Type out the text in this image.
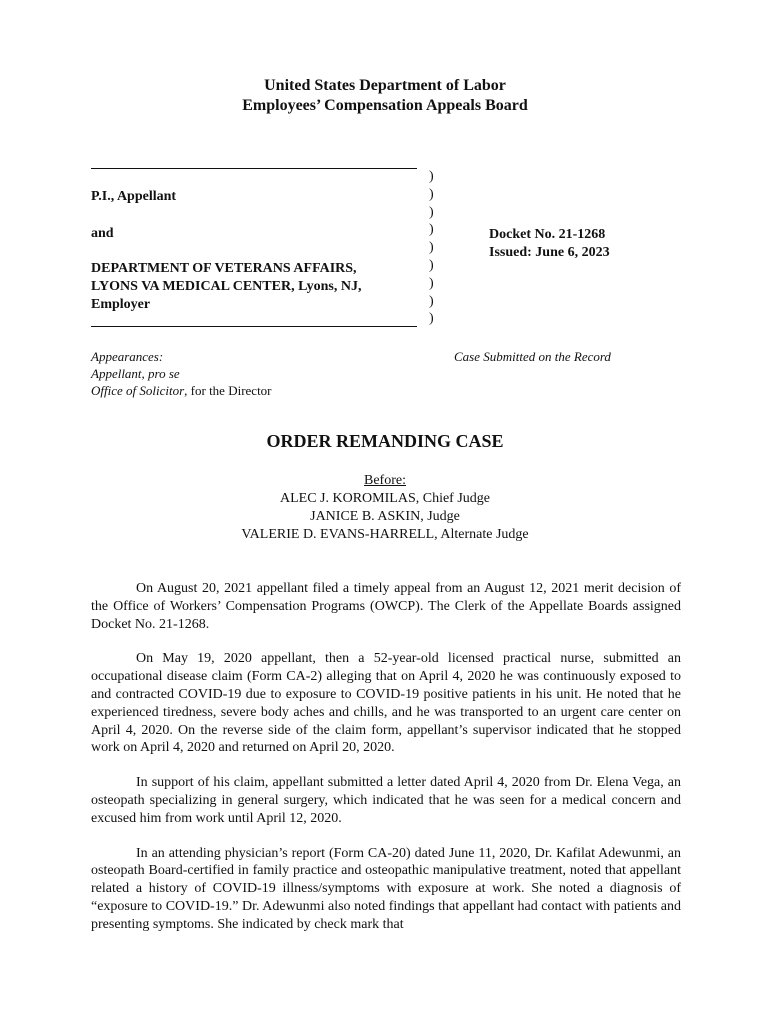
United States Department of Labor
Employees’ Compensation Appeals Board
P.I., Appellant
and
DEPARTMENT OF VETERANS AFFAIRS,
LYONS VA MEDICAL CENTER, Lyons, NJ,
Employer
)
)
)
)
)
)
)
)
)
Docket No. 21-1268
Issued: June 6, 2023
Appearances:
Appellant, pro se
Office of Solicitor, for the Director
Case Submitted on the Record
ORDER REMANDING CASE
Before:
ALEC J. KOROMILAS, Chief Judge
JANICE B. ASKIN, Judge
VALERIE D. EVANS-HARRELL, Alternate Judge

On August 20, 2021 appellant filed a timely appeal from an August 12, 2021 merit decision of the Office of Workers’ Compensation Programs (OWCP). The Clerk of the Appellate Boards assigned Docket No. 21-1268.

On May 19, 2020 appellant, then a 52-year-old licensed practical nurse, submitted an occupational disease claim (Form CA-2) alleging that on April 4, 2020 he was continuously exposed to and contracted COVID-19 due to exposure to COVID-19 positive patients in his unit. He noted that he experienced tiredness, severe body aches and chills, and he was transported to an urgent care center on April 4, 2020. On the reverse side of the claim form, appellant’s supervisor indicated that he stopped work on April 4, 2020 and returned on April 20, 2020.

In support of his claim, appellant submitted a letter dated April 4, 2020 from Dr. Elena Vega, an osteopath specializing in general surgery, which indicated that he was seen for a medical concern and excused him from work until April 12, 2020.

In an attending physician’s report (Form CA-20) dated June 11, 2020, Dr. Kafilat Adewunmi, an osteopath Board-certified in family practice and osteopathic manipulative treatment, noted that appellant related a history of COVID-19 illness/symptoms with exposure at work. She noted a diagnosis of “exposure to COVID-19.” Dr. Adewunmi also noted findings that appellant had contact with patients and presenting symptoms. She indicated by check mark that
